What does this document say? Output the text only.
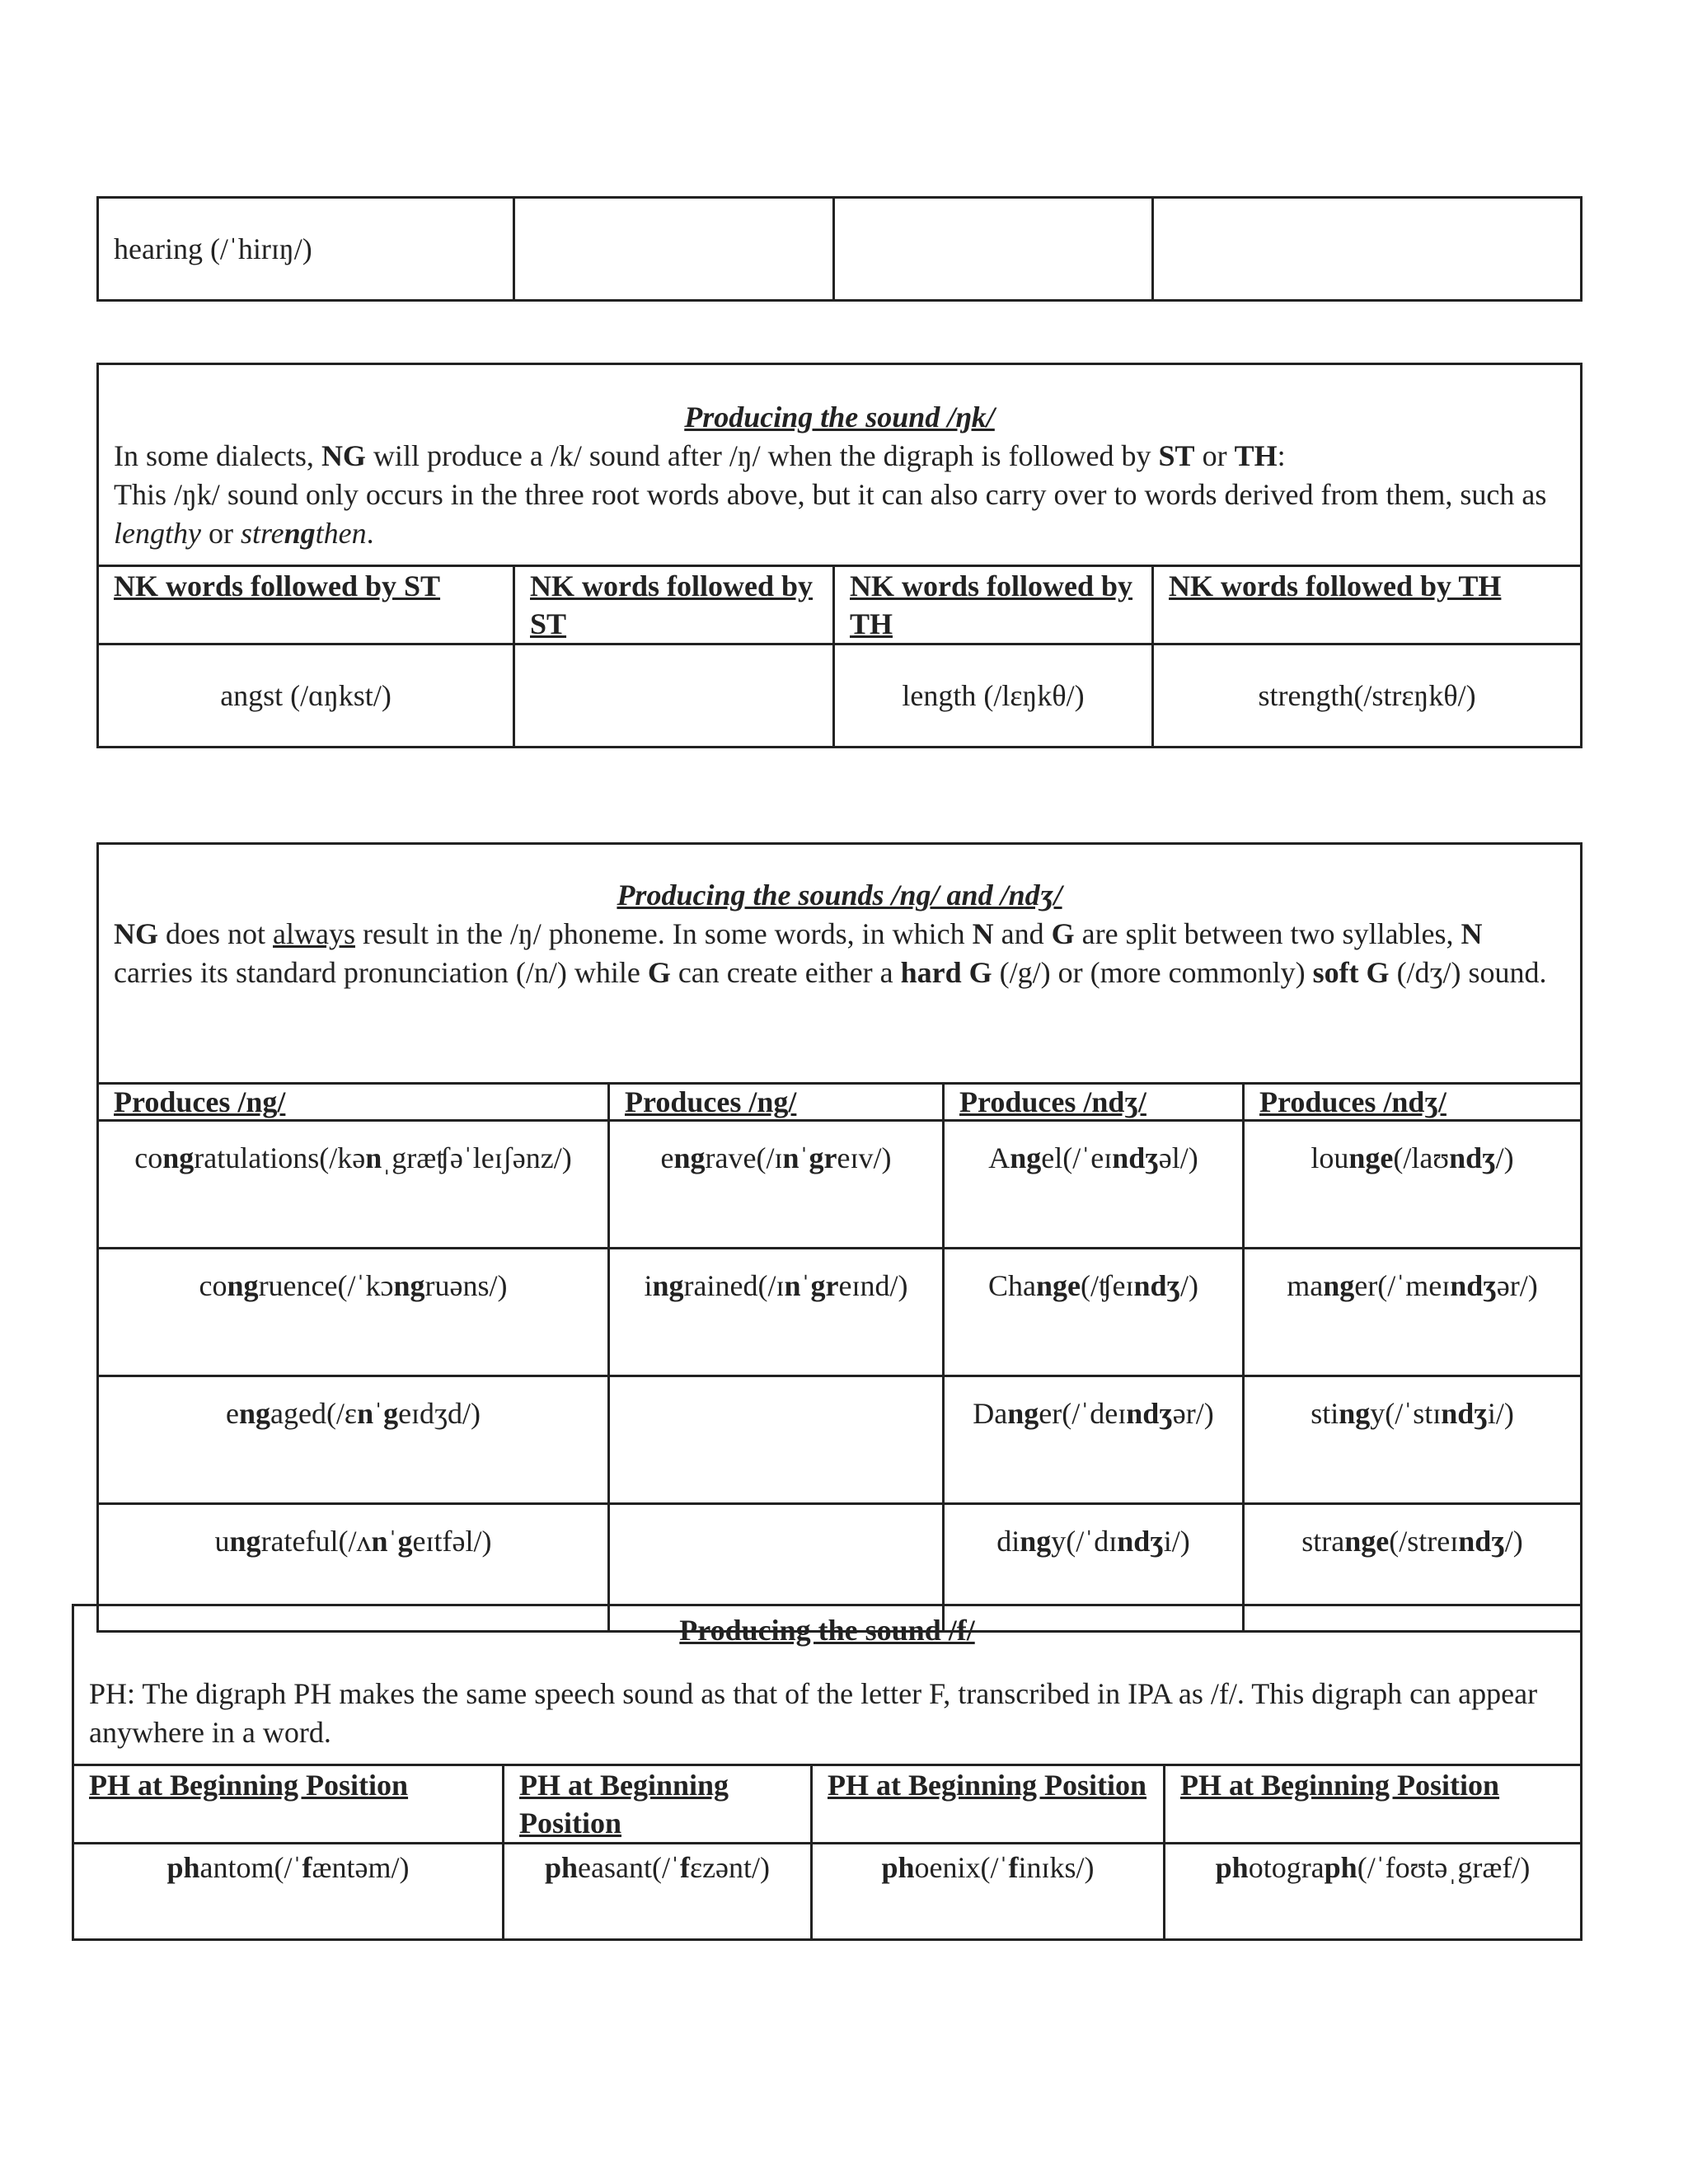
hearing (/ˈhirɪŋ/)			
Producing the sound /ŋk/
In some dialects, NG will produce a /k/ sound after /ŋ/ when the digraph is followed by ST or TH:
This /ŋk/ sound only occurs in the three root words above, but it can also carry over to words derived from them, such as lengthy or strengthen.			

NK words followed by ST	NK words followed by ST	NK words followed by TH	NK words followed by TH
angst (/ɑŋkst/)		length (/lɛŋkθ/)	strength(/strɛŋkθ/)
Producing the sounds /ng/ and /ndʒ/
NG does not always result in the /ŋ/ phoneme. In some words, in which N and G are split between two syllables, N carries its standard pronunciation (/n/) while G can create either a hard G (/g/) or (more commonly) soft G (/dʒ/) sound.			

Produces /ng/	Produces /ng/	Produces /ndʒ/	Produces /ndʒ/
congratulations(/kənˌgræʧəˈleɪʃənz/)	engrave(/ɪnˈgreɪv/)	Angel(/ˈeɪndʒəl/)	lounge(/laʊndʒ/)
congruence(/ˈkɔngruəns/)	ingrained(/ɪnˈgreɪnd/)	Change(/ʧeɪndʒ/)	manger(/ˈmeɪndʒər/)
engaged(/ɛnˈgeɪdʒd/)		Danger(/ˈdeɪndʒər/)	stingy(/ˈstɪndʒi/)
ungrateful(/ʌnˈgeɪtfəl/)		dingy(/ˈdɪndʒi/)	strange(/streɪndʒ/)
Producing the sound /f/
PH: The digraph PH makes the same speech sound as that of the letter F, transcribed in IPA as /f/. This digraph can appear anywhere in a word.			

PH at Beginning Position	PH at Beginning Position	PH at Beginning Position	PH at Beginning Position
phantom(/ˈfæntəm/)	pheasant(/ˈfɛzənt/)	phoenix(/ˈfinɪks/)	photograph(/ˈfoʊtəˌgræf/)
